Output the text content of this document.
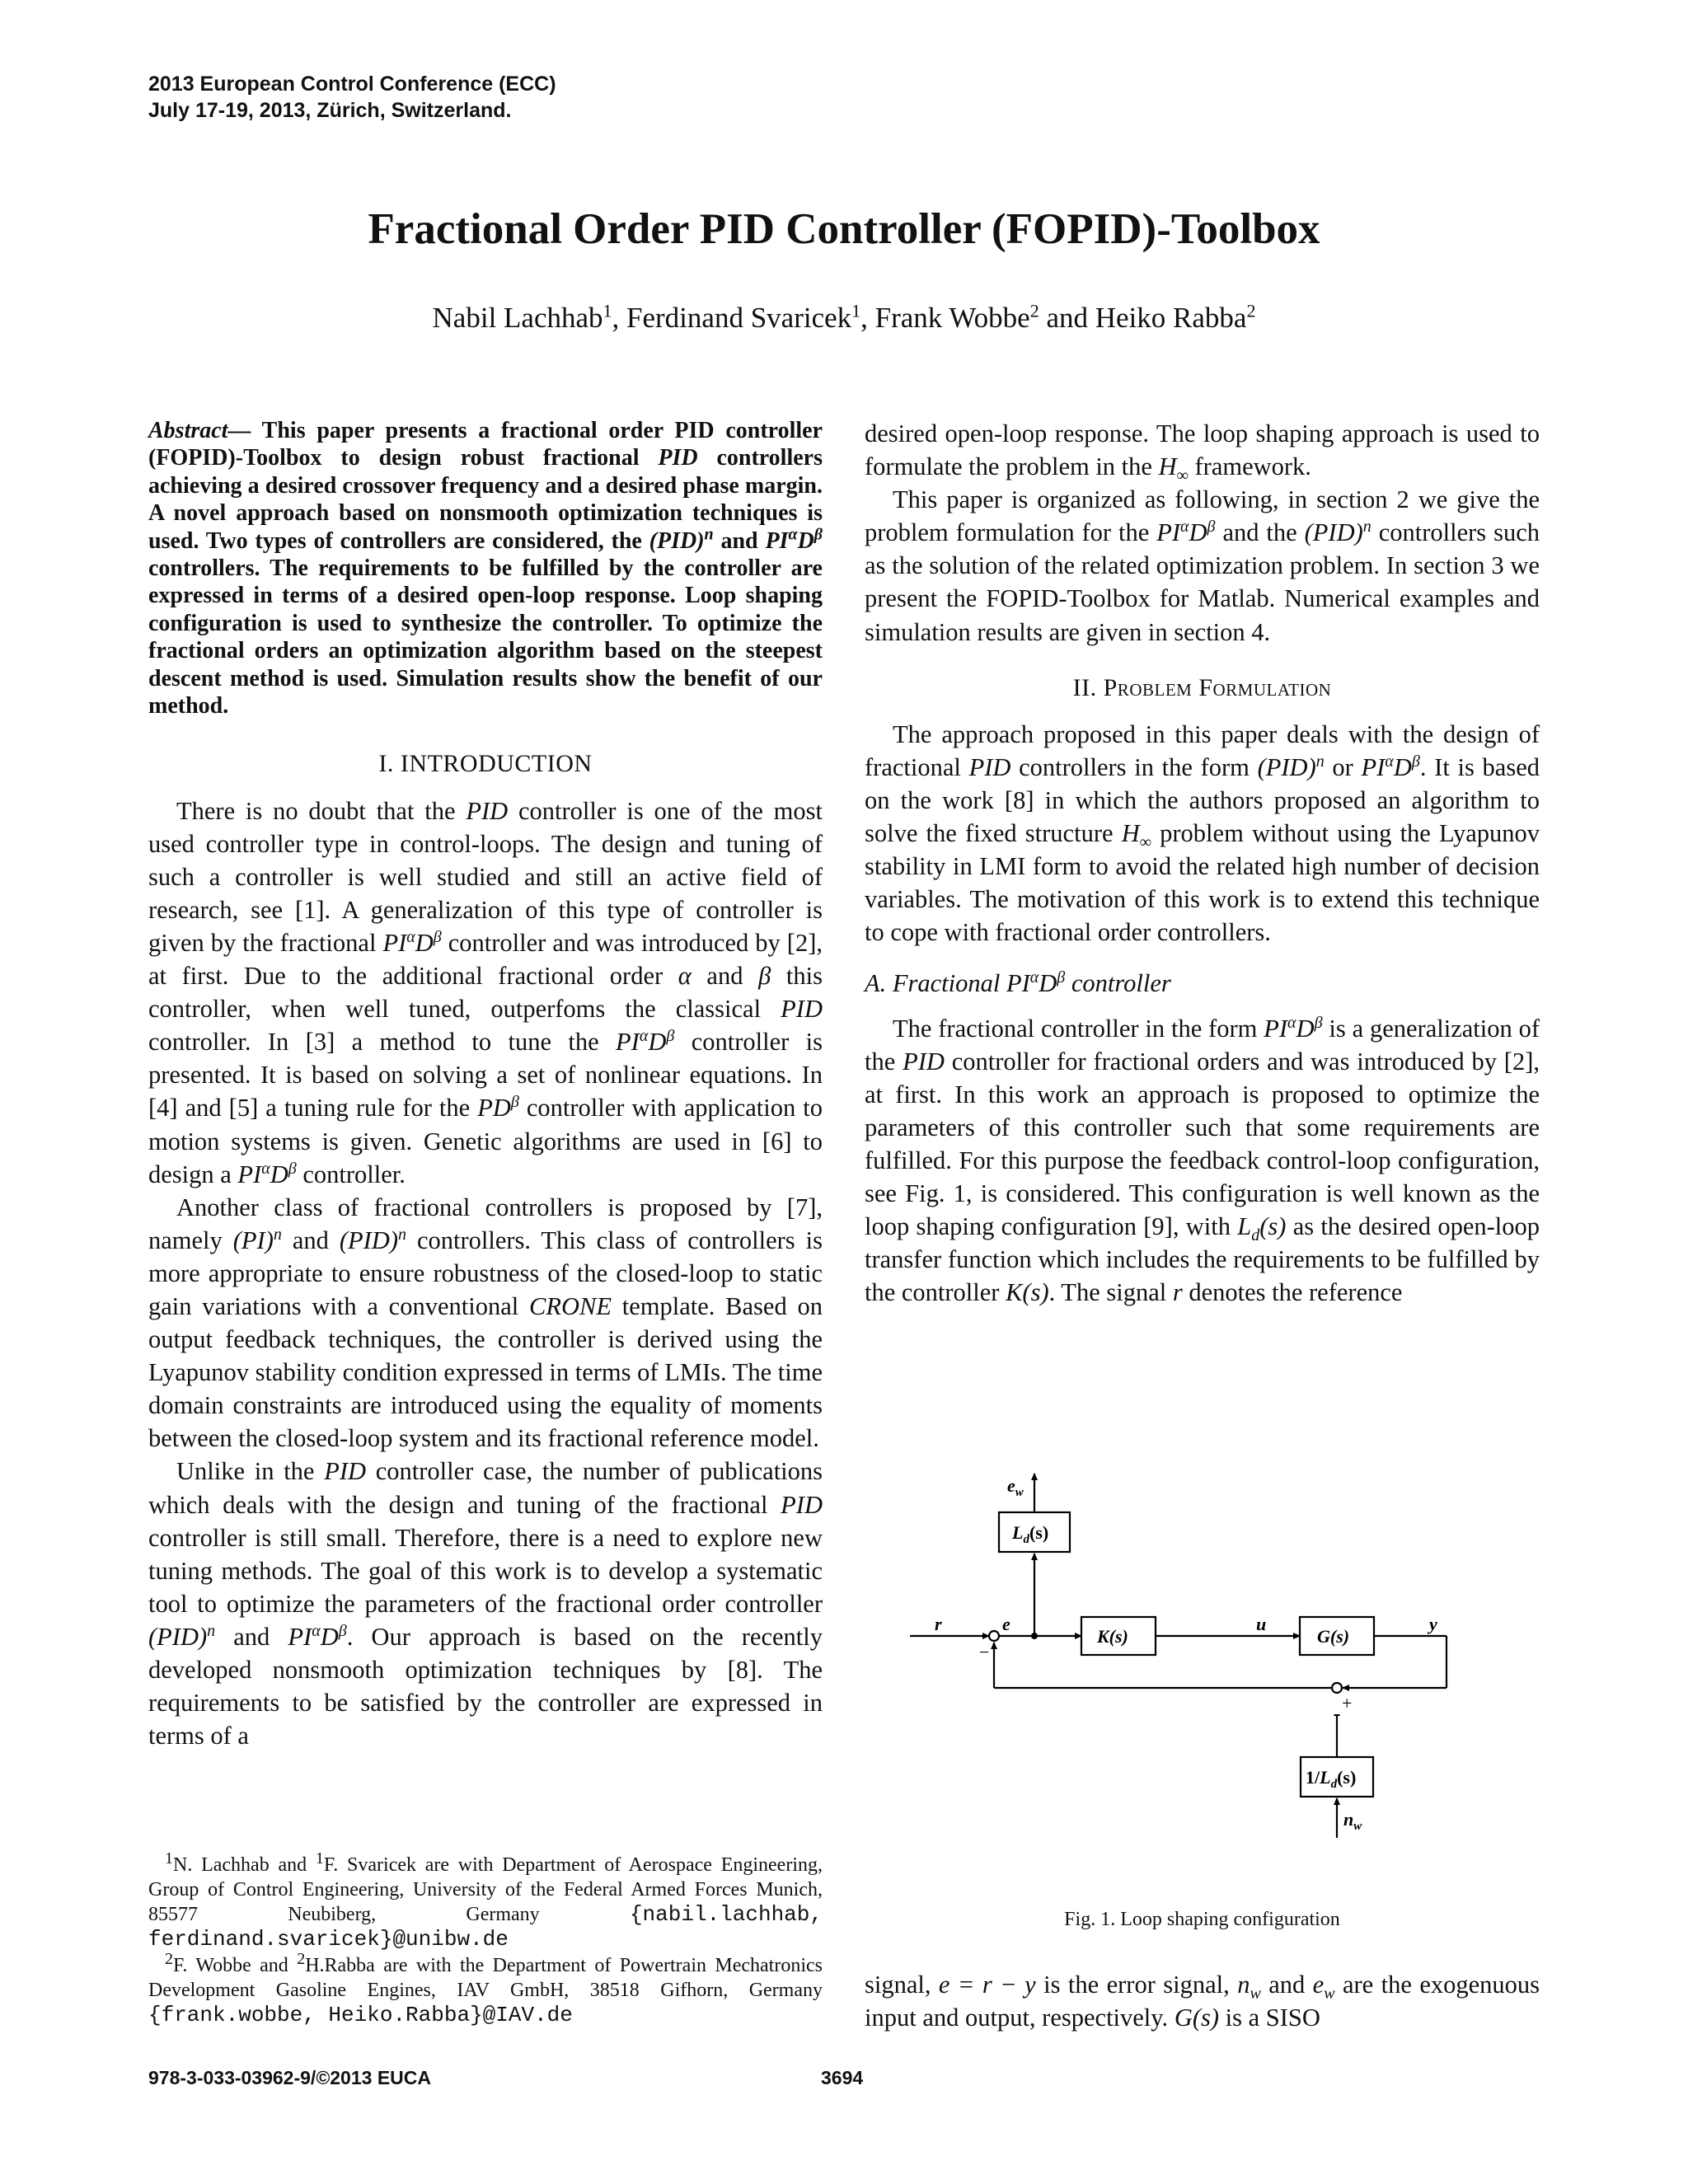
2013 European Control Conference (ECC)
July 17-19, 2013, Zürich, Switzerland.
Fractional Order PID Controller (FOPID)-Toolbox
Nabil Lachhab$^1$, Ferdinand Svaricek$^1$, Frank Wobbe$^2$ and Heiko Rabba$^2$

Abstract— This paper presents a fractional order PID controller (FOPID)-Toolbox to design robust fractional PID controllers achieving a desired crossover frequency and a desired phase margin. A novel approach based on nonsmooth optimization techniques is used. Two types of controllers are considered, the (PID)$^n$ and $PI^\alpha D^\beta$ controllers. The requirements to be fulfilled by the controller are expressed in terms of a desired open-loop response. Loop shaping configuration is used to synthesize the controller. To optimize the fractional orders an optimization algorithm based on the steepest descent method is used. Simulation results show the benefit of our method.

I. INTRODUCTION

There is no doubt that the PID controller is one of the most used controller type in control-loops. The design and tuning of such a controller is well studied and still an active field of research, see [1]. A generalization of this type of controller is given by the fractional $PI^\alpha D^\beta$ controller and was introduced by [2], at first. Due to the additional fractional order α and β this controller, when well tuned, outperfoms the classical PID controller. In [3] a method to tune the $PI^\alpha D^\beta$ controller is presented. It is based on solving a set of nonlinear equations. In [4] and [5] a tuning rule for the $PD^\beta$ controller with application to motion systems is given. Genetic algorithms are used in [6] to design a $PI^\alpha D^\beta$ controller.

Another class of fractional controllers is proposed by [7], namely (PI)$^n$ and (PID)$^n$ controllers. This class of controllers is more appropriate to ensure robustness of the closed-loop to static gain variations with a conventional CRONE template. Based on output feedback techniques, the controller is derived using the Lyapunov stability condition expressed in terms of LMIs. The time domain constraints are introduced using the equality of moments between the closed-loop system and its fractional reference model.

Unlike in the PID controller case, the number of publications which deals with the design and tuning of the fractional PID controller is still small. Therefore, there is a need to explore new tuning methods. The goal of this work is to develop a systematic tool to optimize the parameters of the fractional order controller (PID)$^n$ and $PI^\alpha D^\beta$. Our approach is based on the recently developed nonsmooth optimization techniques by [8]. The requirements to be satisfied by the controller are expressed in terms of a

$^1$N. Lachhab and $^1$F. Svaricek are with Department of Aerospace Engineering, Group of Control Engineering, University of the Federal Armed Forces Munich, 85577 Neubiberg, Germany {nabil.lachhab, ferdinand.svaricek}@unibw.de

$^2$F. Wobbe and $^2$H.Rabba are with the Department of Powertrain Mechatronics Development Gasoline Engines, IAV GmbH, 38518 Gifhorn, Germany {frank.wobbe, Heiko.Rabba}@IAV.de

desired open-loop response. The loop shaping approach is used to formulate the problem in the $H_\infty$ framework.

This paper is organized as following, in section 2 we give the problem formulation for the $PI^\alpha D^\beta$ and the (PID)$^n$ controllers such as the solution of the related optimization problem. In section 3 we present the FOPID-Toolbox for Matlab. Numerical examples and simulation results are given in section 4.

II. Problem Formulation

The approach proposed in this paper deals with the design of fractional PID controllers in the form (PID)$^n$ or $PI^\alpha D^\beta$. It is based on the work [8] in which the authors proposed an algorithm to solve the fixed structure $H_\infty$ problem without using the Lyapunov stability in LMI form to avoid the related high number of decision variables. The motivation of this work is to extend this technique to cope with fractional order controllers.

A. Fractional $PI^\alpha D^\beta$ controller

The fractional controller in the form $PI^\alpha D^\beta$ is a generalization of the PID controller for fractional orders and was introduced by [2], at first. In this work an approach is proposed to optimize the parameters of this controller such that some requirements are fulfilled. For this purpose the feedback control-loop configuration, see Fig. 1, is considered. This configuration is well known as the loop shaping configuration [9], with $L_d(s)$ as the desired open-loop transfer function which includes the requirements to be fulfilled by the controller K(s). The signal r denotes the reference

$e_w$
$L_d(s)$
r	e
K(s)
u
G(s)
y
−
+
$1/L_d(s)$
$n_w$
Fig. 1. Loop shaping configuration
signal, e = r − y is the error signal, $n_w$ and $e_w$ are the exogenuous input and output, respectively. G(s) is a SISO
978-3-033-03962-9/©2013 EUCA	3694
